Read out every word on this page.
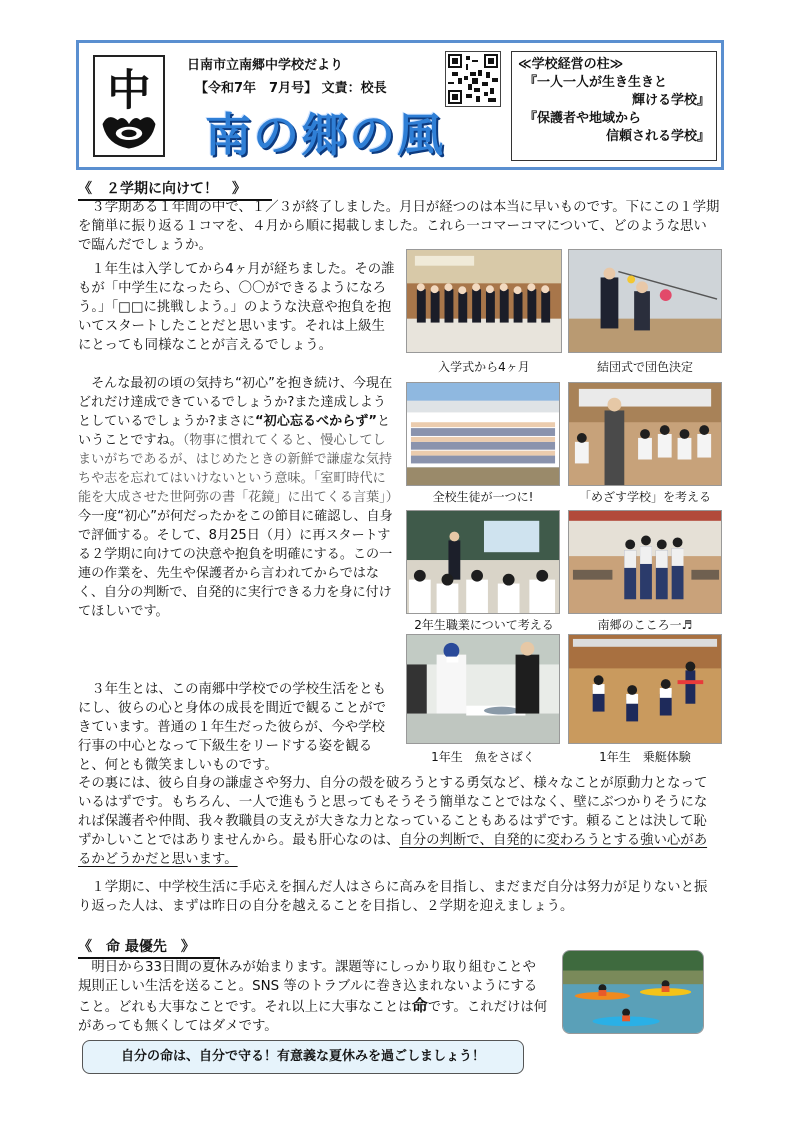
中
日南市立南郷中学校だより
【令和7年　7月号】 文責：校長
南の郷の風
≪学校経営の柱≫
『一人一人が生き生きと
輝ける学校』
『保護者や地域から
信頼される学校』
《　２学期に向けて！　》
３学期ある１年間の中で、１／３が終了しました。月日が経つのは本当に早いものです。下にこの１学期を簡単に振り返る１コマを、４月から順に掲載しました。これら一コマーコマについて、どのような思いで臨んだでしょうか。
１年生は入学してから4ヶ月が経ちました。その誰もが「中学生になったら、〇〇ができるようになろう。」「□□に挑戦しよう。」のような決意や抱負を抱いてスタートしたことだと思います。それは上級生にとっても同様なことが言えるでしょう。
そんな最初の頃の気持ち“初心”を抱き続け、今現在どれだけ達成できているでしょうか?また達成しようとしているでしょうか?まさに“初心忘るべからず”ということですね。（物事に慣れてくると、慢心してしまいがちであるが、はじめたときの新鮮で謙虚な気持ちや志を忘れてはいけないという意味。「室町時代に能を大成させた世阿弥の書「花鏡」に出てくる言葉」）今一度“初心”が何だったかをこの節目に確認し、自身で評価する。そして、8月25日（月）に再スタートする２学期に向けての決意や抱負を明確にする。この一連の作業を、先生や保護者から言われてからではなく、自分の判断で、自発的に実行できる力を身に付けてほしいです。
３年生とは、この南郷中学校での学校生活をともにし、彼らの心と身体の成長を間近で観ることができています。普通の１年生だった彼らが、今や学校行事の中心となって下級生をリードする姿を観ると、何とも微笑ましいものです。
その裏には、彼ら自身の謙虚さや努力、自分の殻を破ろうとする勇気など、様々なことが原動力となっているはずです。もちろん、一人で進もうと思ってもそうそう簡単なことではなく、壁にぶつかりそうになれば保護者や仲間、我々教職員の支えが大きな力となっていることもあるはずです。頼ることは決して恥ずかしいことではありませんから。最も肝心なのは、自分の判断で、自発的に変わろうとする強い心があるかどうかだと思います。
１学期に、中学校生活に手応えを掴んだ人はさらに高みを目指し、まだまだ自分は努力が足りないと振り返った人は、まずは昨日の自分を越えることを目指し、２学期を迎えましょう。
入学式から4ヶ月	結団式で団色決定
全校生徒が一つに!	「めざす学校」を考える
2年生職業について考える	南郷のこころ一♬
1年生　魚をさばく	1年生　乗艇体験
《　命 最優先　》
明日から33日間の夏休みが始まります。課題等にしっかり取り組むことや規則正しい生活を送ること。SNS 等のトラブルに巻き込まれないようにすること。どれも大事なことです。それ以上に大事なことは命です。これだけは何があっても無くしてはダメです。
自分の命は、自分で守る！有意義な夏休みを過ごしましょう！
